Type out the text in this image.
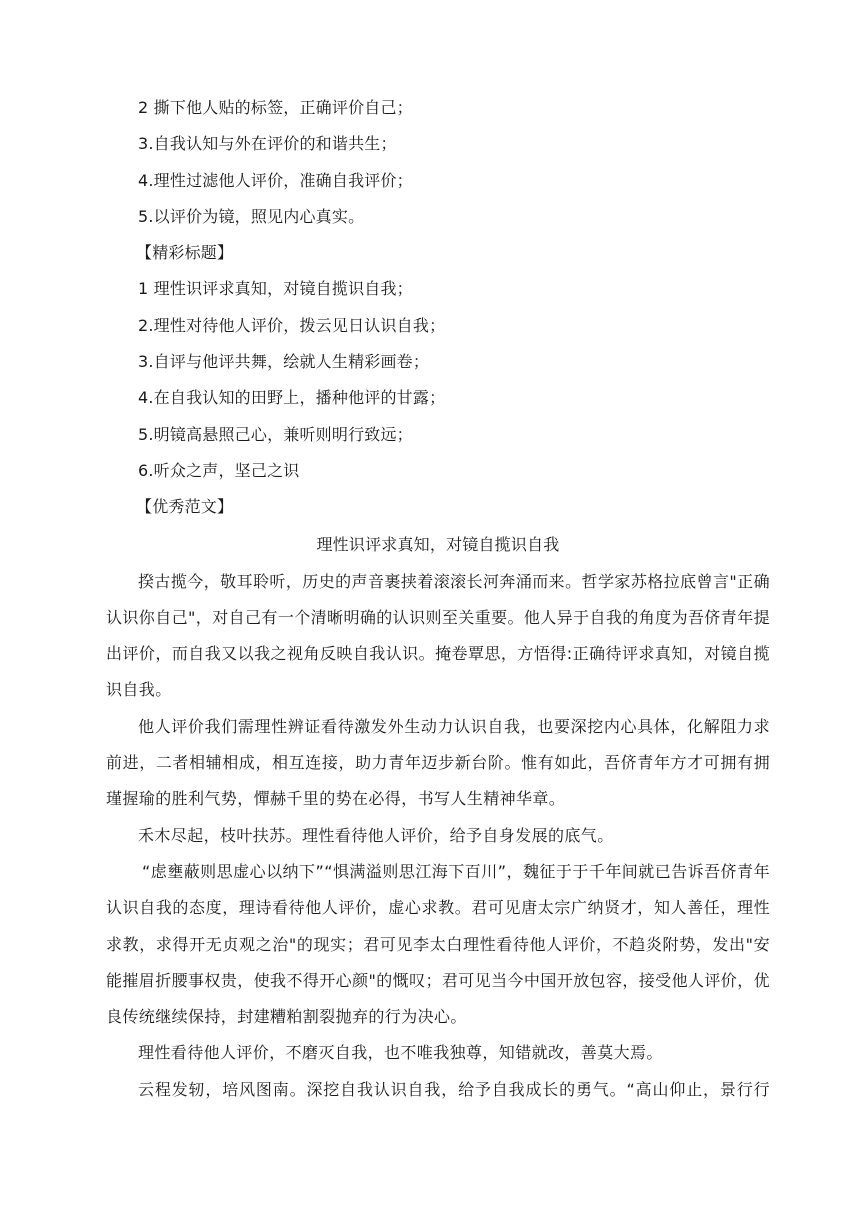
2 撕下他人贴的标签，正确评价自己；
3.自我认知与外在评价的和谐共生；
4.理性过滤他人评价，准确自我评价；
5.以评价为镜，照见内心真实。
【精彩标题】
1 理性识评求真知，对镜自揽识自我；
2.理性对待他人评价，拨云见日认识自我；
3.自评与他评共舞，绘就人生精彩画卷；
4.在自我认知的田野上，播种他评的甘露；
5.明镜高悬照己心，兼听则明行致远；
6.听众之声，坚己之识
【优秀范文】
理性识评求真知，对镜自揽识自我

揆古揽今，敬耳聆听，历史的声音裹挟着滚滚长河奔涌而来。哲学家苏格拉底曾言"正确认识你自己"，对自己有一个清晰明确的认识则至关重要。他人异于自我的角度为吾侪青年提出评价，而自我又以我之视角反映自我认识。掩卷覃思，方悟得:正确待评求真知，对镜自揽识自我。

他人评价我们需理性辨证看待激发外生动力认识自我，也要深挖内心具体，化解阻力求前进，二者相辅相成，相互连接，助力青年迈步新台阶。惟有如此，吾侪青年方才可拥有拥瑾握瑜的胜利气势，憚赫千里的势在必得，书写人生精神华章。

禾木尽起，枝叶扶苏。理性看待他人评价，给予自身发展的底气。

“虑壅蔽则思虚心以纳下”“惧满溢则思江海下百川”，魏征于于千年间就已告诉吾侪青年认识自我的态度，理诗看待他人评价，虚心求教。君可见唐太宗广纳贤才，知人善任，理性求教，求得开无贞观之治"的现实；君可见李太白理性看待他人评价，不趋炎附势，发出"安能摧眉折腰事权贵，使我不得开心颜"的慨叹；君可见当今中国开放包容，接受他人评价，优良传统继续保持，封建糟粕割裂抛弃的行为决心。

理性看待他人评价，不磨灭自我，也不唯我独尊，知错就改，善莫大焉。

云程发轫，培风图南。深挖自我认识自我，给予自我成长的勇气。“高山仰止，景行行
